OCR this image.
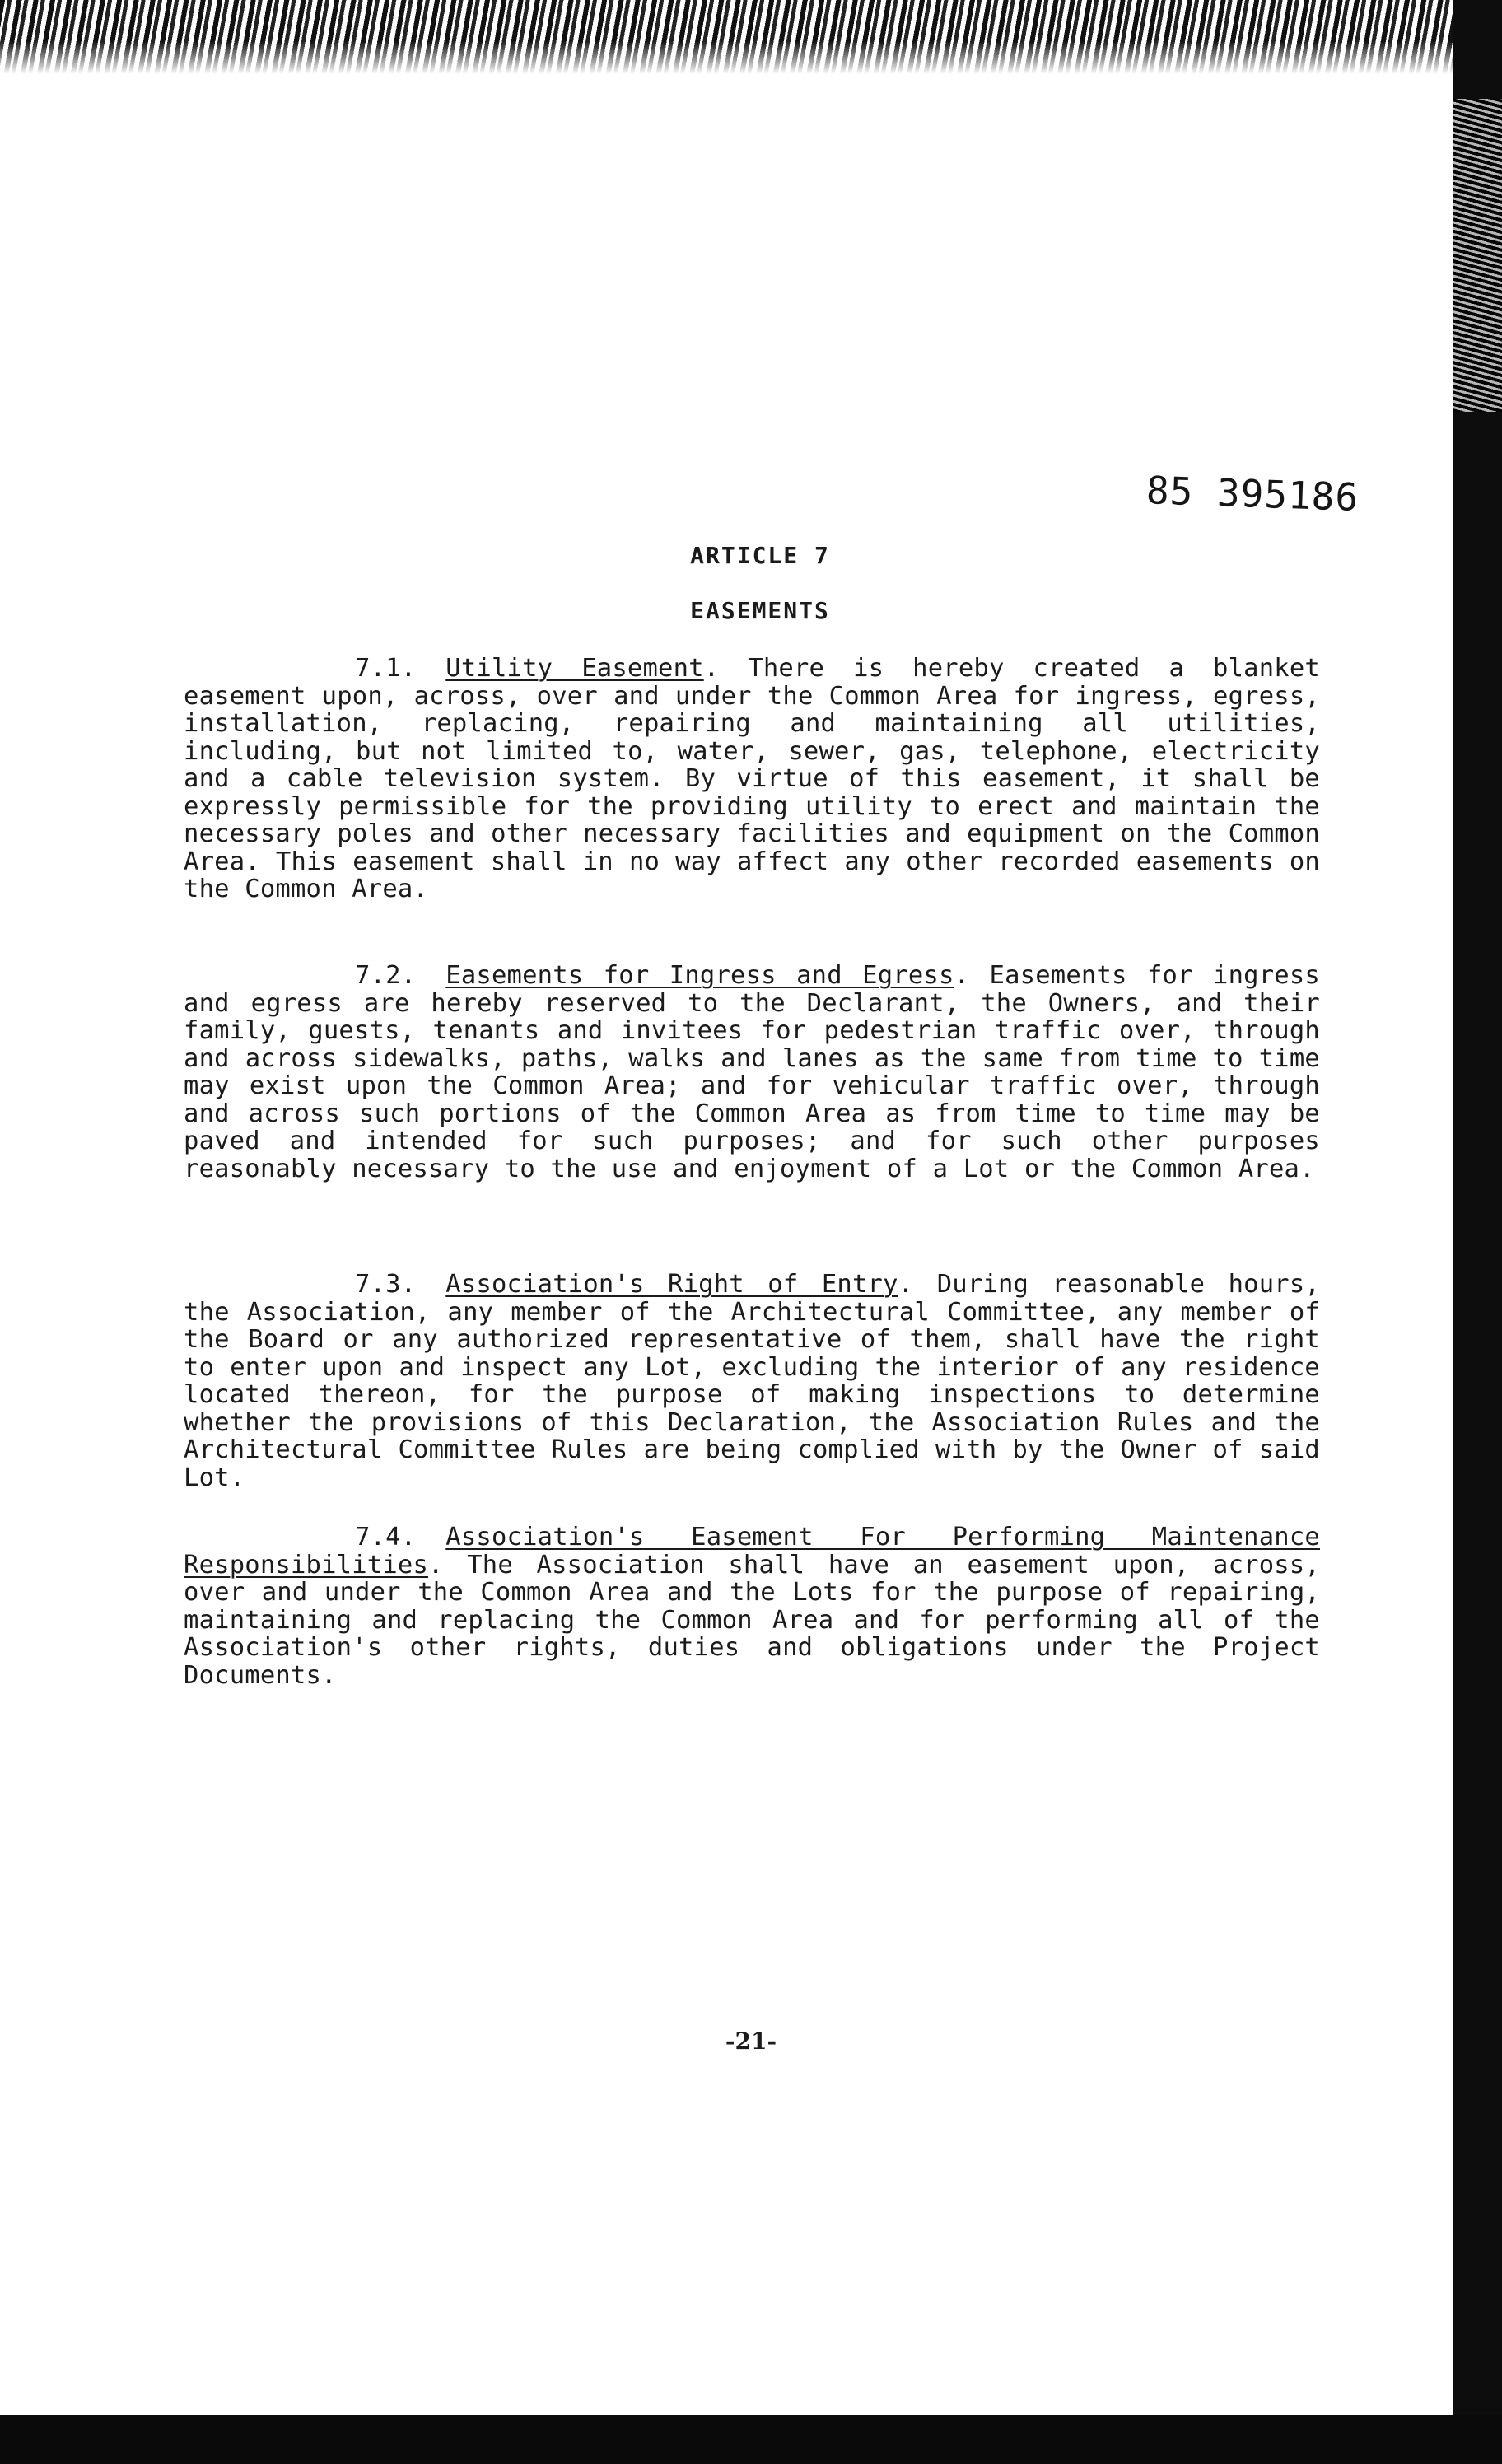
85 395186
ARTICLE 7
EASEMENTS

7.1. Utility Easement. There is hereby created a blanket easement upon, across, over and under the Common Area for ingress, egress, installation, replacing, repairing and maintaining all utilities, including, but not limited to, water, sewer, gas, telephone, electricity and a cable television system. By virtue of this easement, it shall be expressly permissible for the providing utility to erect and maintain the necessary poles and other necessary facilities and equipment on the Common Area. This easement shall in no way affect any other recorded easements on the Common Area.

7.2. Easements for Ingress and Egress. Easements for ingress and egress are hereby reserved to the Declarant, the Owners, and their family, guests, tenants and invitees for pedestrian traffic over, through and across sidewalks, paths, walks and lanes as the same from time to time may exist upon the Common Area; and for vehicular traffic over, through and across such portions of the Common Area as from time to time may be paved and intended for such purposes; and for such other purposes reasonably necessary to the use and enjoyment of a Lot or the Common Area.

7.3. Association's Right of Entry. During reasonable hours, the Association, any member of the Architectural Committee, any member of the Board or any authorized representative of them, shall have the right to enter upon and inspect any Lot, excluding the interior of any residence located thereon, for the purpose of making inspections to determine whether the provisions of this Declaration, the Association Rules and the Architectural Committee Rules are being complied with by the Owner of said Lot.

7.4. Association's Easement For Performing Maintenance Responsibilities. The Association shall have an easement upon, across, over and under the Common Area and the Lots for the purpose of repairing, maintaining and replacing the Common Area and for performing all of the Association's other rights, duties and obligations under the Project Documents.

-21-
